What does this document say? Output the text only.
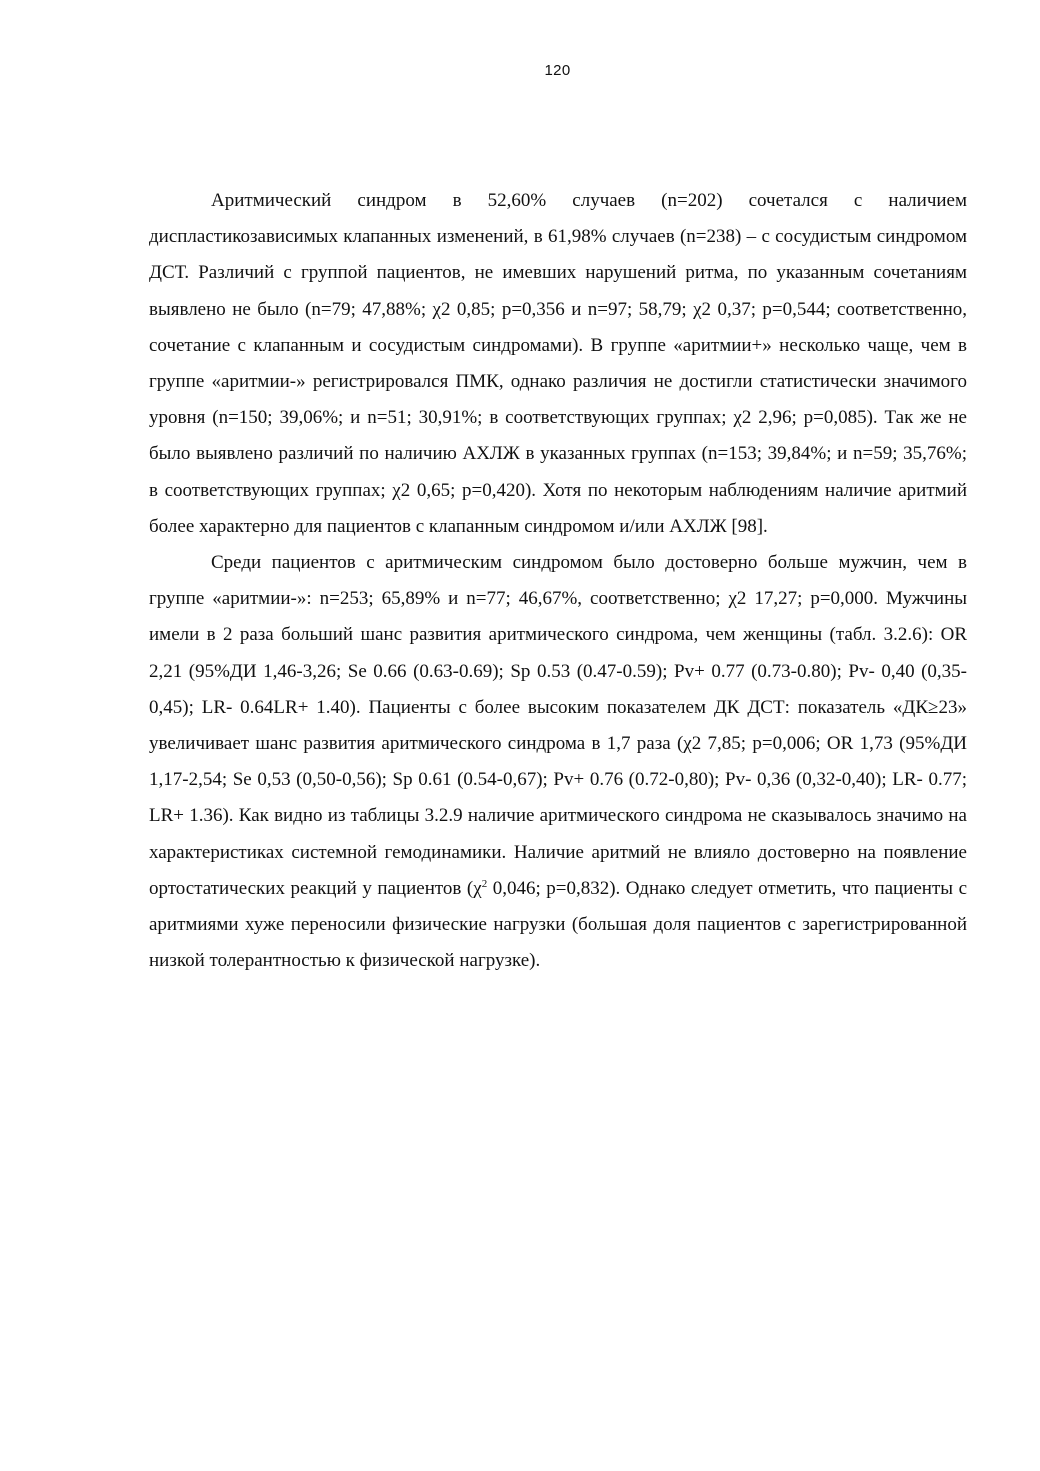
120

Аритмический синдром в 52,60% случаев (n=202) сочетался с наличием диспластикозависимых клапанных изменений, в 61,98% случаев (n=238) – с сосудистым синдромом ДСТ. Различий с группой пациентов, не имевших нарушений ритма, по указанным сочетаниям выявлено не было (n=79; 47,88%; χ2 0,85; p=0,356 и n=97; 58,79; χ2 0,37; p=0,544; соответственно, сочетание с клапанным и сосудистым синдромами). В группе «аритмии+» несколько чаще, чем в группе «аритмии-» регистрировался ПМК, однако различия не достигли статистически значимого уровня (n=150; 39,06%; и n=51; 30,91%; в соответствующих группах; χ2 2,96; p=0,085). Так же не было выявлено различий по наличию АХЛЖ в указанных группах (n=153; 39,84%; и n=59; 35,76%; в соответствующих группах; χ2 0,65; p=0,420). Хотя по некоторым наблюдениям наличие аритмий более характерно для пациентов с клапанным синдромом и/или АХЛЖ [98].

Среди пациентов с аритмическим синдромом было достоверно больше мужчин, чем в группе «аритмии-»: n=253; 65,89% и n=77; 46,67%, соответственно; χ2 17,27; p=0,000. Мужчины имели в 2 раза больший шанс развития аритмического синдрома, чем женщины (табл. 3.2.6): OR 2,21 (95%ДИ 1,46-3,26; Se 0.66 (0.63-0.69); Sp 0.53 (0.47-0.59); Pv+ 0.77 (0.73-0.80); Pv- 0,40 (0,35-0,45); LR- 0.64LR+ 1.40). Пациенты с более высоким показателем ДК ДСТ: показатель «ДК≥23» увеличивает шанс развития аритмического синдрома в 1,7 раза (χ2 7,85; p=0,006; OR 1,73 (95%ДИ 1,17-2,54; Se 0,53 (0,50-0,56); Sp 0.61 (0.54-0,67); Pv+ 0.76 (0.72-0,80); Pv- 0,36 (0,32-0,40); LR- 0.77; LR+ 1.36). Как видно из таблицы 3.2.9 наличие аритмического синдрома не сказывалось значимо на характеристиках системной гемодинамики. Наличие аритмий не влияло достоверно на появление ортостатических реакций у пациентов ($\chi^2$ 0,046; p=0,832). Однако следует отметить, что пациенты с аритмиями хуже переносили физические нагрузки (большая доля пациентов с зарегистрированной низкой толерантностью к физической нагрузке).
